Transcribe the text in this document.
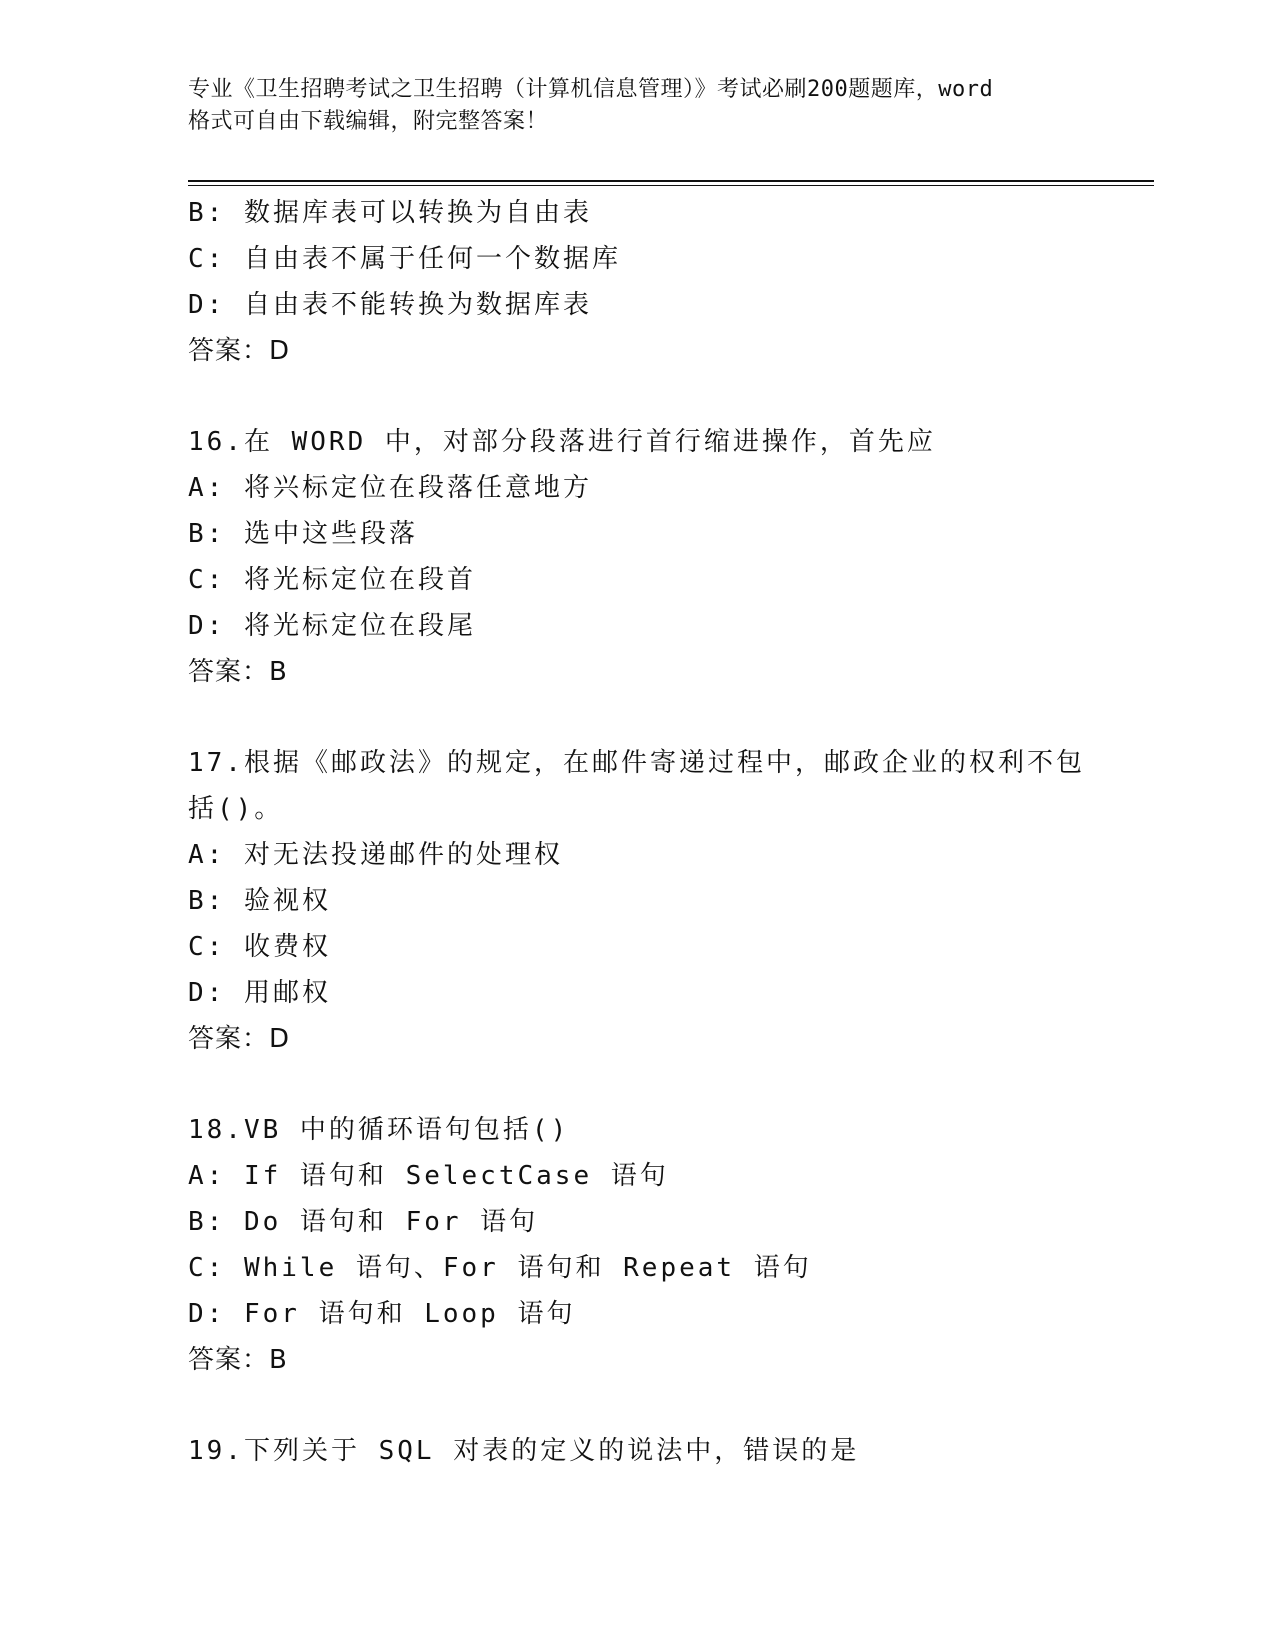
专业《卫生招聘考试之卫生招聘（计算机信息管理）》考试必刷200题题库，word
格式可自由下载编辑，附完整答案！
B: 数据库表可以转换为自由表
C: 自由表不属于任何一个数据库
D: 自由表不能转换为数据库表
答案：D
16.在 WORD 中，对部分段落进行首行缩进操作，首先应
A: 将兴标定位在段落任意地方
B: 选中这些段落
C: 将光标定位在段首
D: 将光标定位在段尾
答案：B
17.根据《邮政法》的规定，在邮件寄递过程中，邮政企业的权利不包
括()。
A: 对无法投递邮件的处理权
B: 验视权
C: 收费权
D: 用邮权
答案：D
18.VB 中的循环语句包括()
A: If 语句和 SelectCase 语句
B: Do 语句和 For 语句
C: While 语句、For 语句和 Repeat 语句
D: For 语句和 Loop 语句
答案：B
19.下列关于 SQL 对表的定义的说法中，错误的是
